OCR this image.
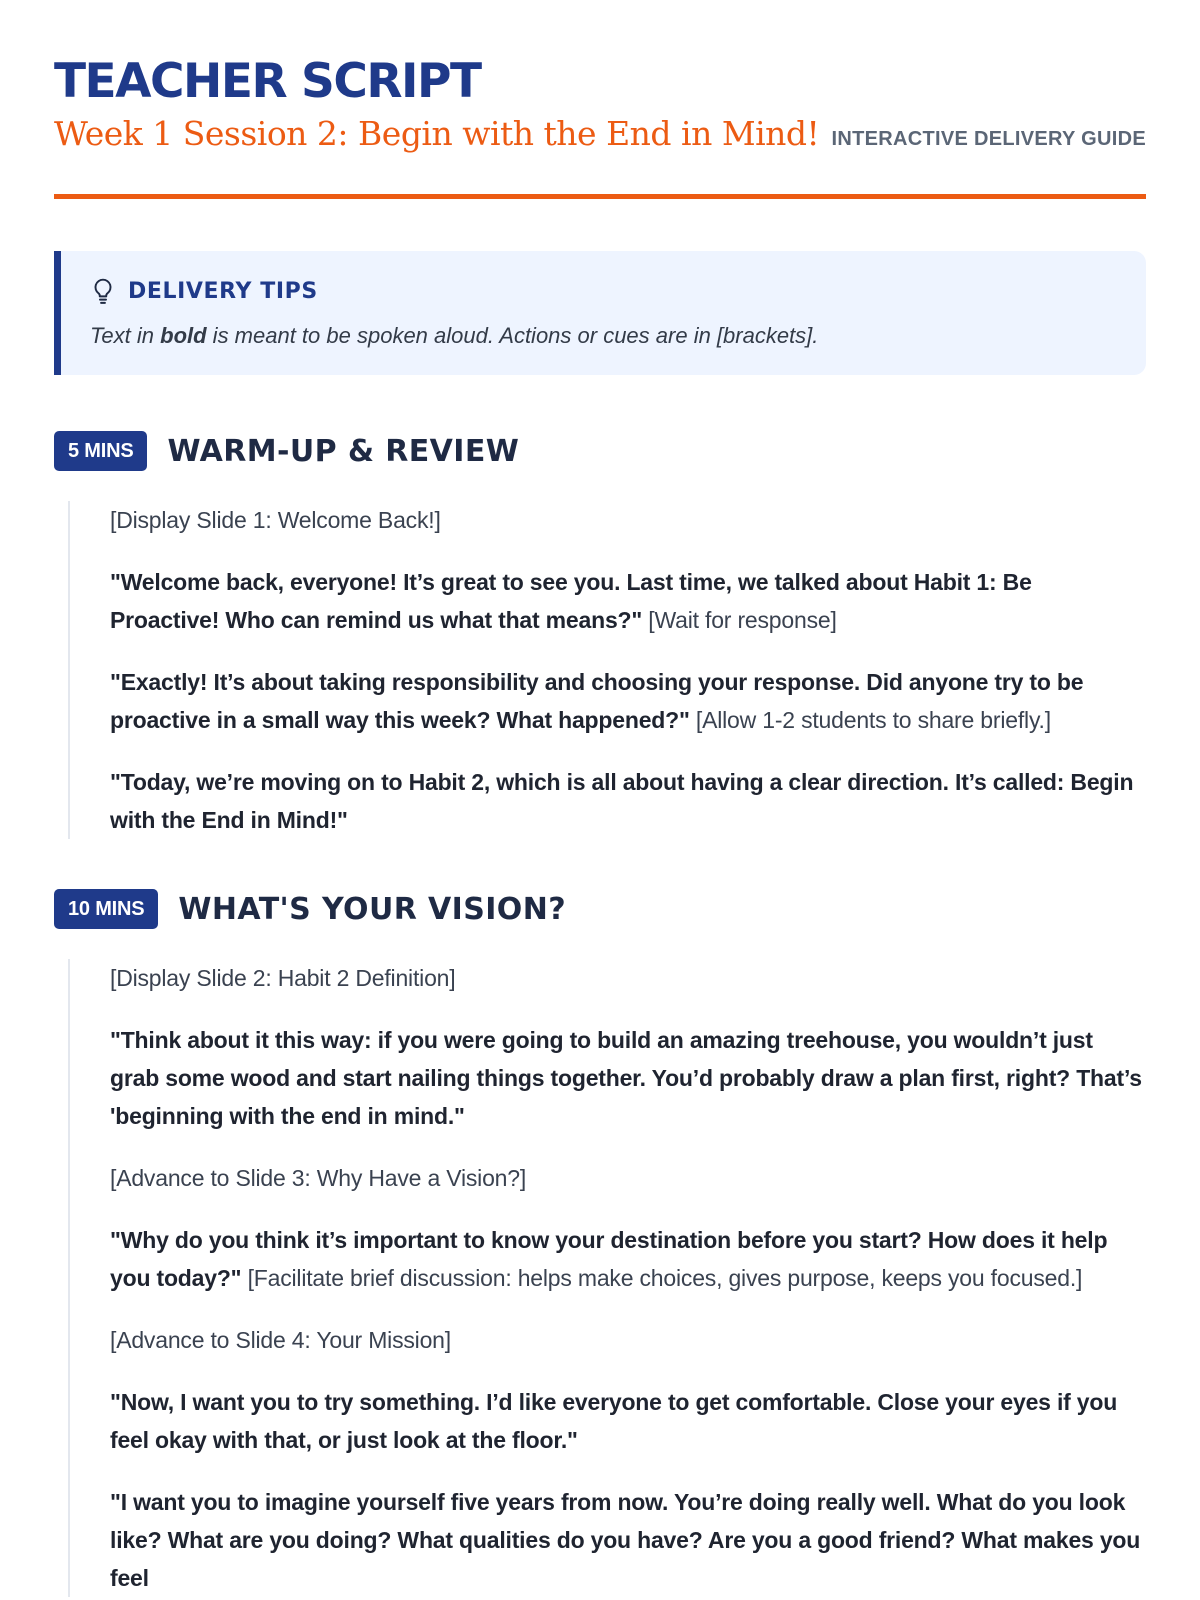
TEACHER SCRIPT
Week 1 Session 2: Begin with the End in Mind! INTERACTIVE DELIVERY GUIDE
DELIVERY TIPS
Text in bold is meant to be spoken aloud. Actions or cues are in [brackets].
5 MINS	WARM-UP & REVIEW

[Display Slide 1: Welcome Back!]

"Welcome back, everyone! It’s great to see you. Last time, we talked about Habit 1: Be Proactive! Who can remind us what that means?" [Wait for response]

"Exactly! It’s about taking responsibility and choosing your response. Did anyone try to be proactive in a small way this week? What happened?" [Allow 1-2 students to share briefly.]

"Today, we’re moving on to Habit 2, which is all about having a clear direction. It’s called: Begin with the End in Mind!"

10 MINS	WHAT'S YOUR VISION?

[Display Slide 2: Habit 2 Definition]

"Think about it this way: if you were going to build an amazing treehouse, you wouldn’t just grab some wood and start nailing things together. You’d probably draw a plan first, right? That’s 'beginning with the end in mind."

[Advance to Slide 3: Why Have a Vision?]

"Why do you think it’s important to know your destination before you start? How does it help you today?" [Facilitate brief discussion: helps make choices, gives purpose, keeps you focused.]

[Advance to Slide 4: Your Mission]

"Now, I want you to try something. I’d like everyone to get comfortable. Close your eyes if you feel okay with that, or just look at the floor."

"I want you to imagine yourself five years from now. You’re doing really well. What do you look like? What are you doing? What qualities do you have? Are you a good friend? What makes you feel
